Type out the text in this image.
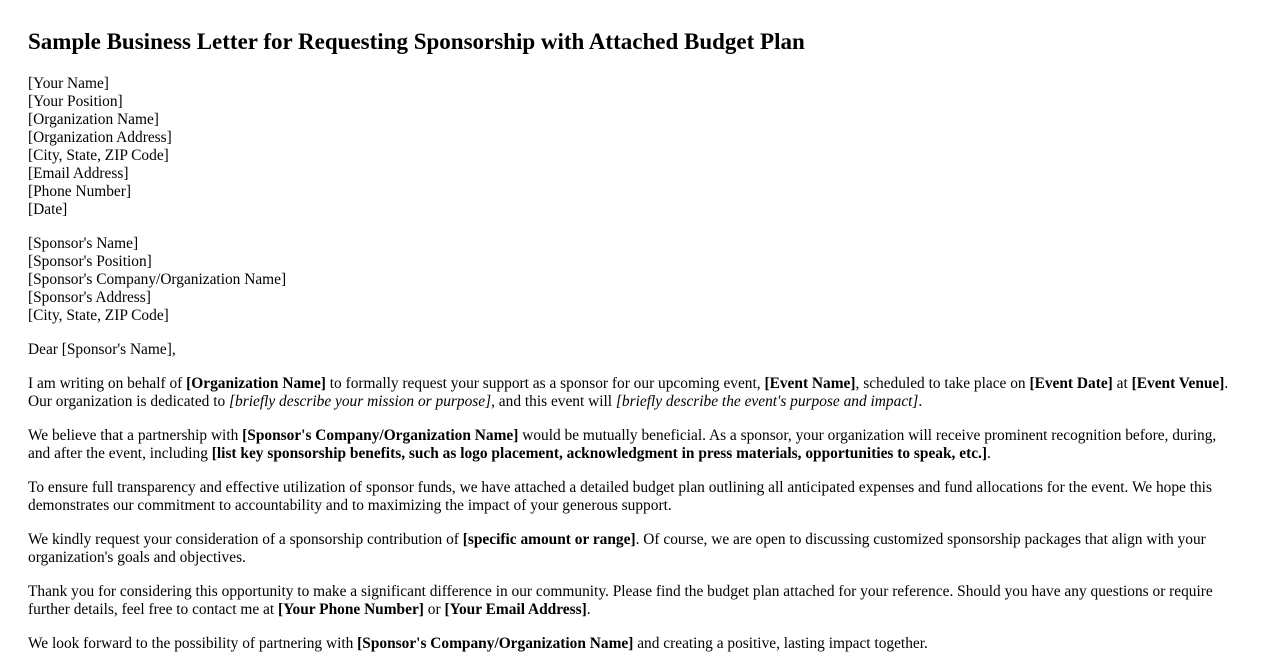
Sample Business Letter for Requesting Sponsorship with Attached Budget Plan
[Your Name]
[Your Position]
[Organization Name]
[Organization Address]
[City, State, ZIP Code]
[Email Address]
[Phone Number]
[Date]
[Sponsor's Name]
[Sponsor's Position]
[Sponsor's Company/Organization Name]
[Sponsor's Address]
[City, State, ZIP Code]

Dear [Sponsor's Name],

I am writing on behalf of [Organization Name] to formally request your support as a sponsor for our upcoming event, [Event Name], scheduled to take place on [Event Date] at [Event Venue]. Our organization is dedicated to [briefly describe your mission or purpose], and this event will [briefly describe the event's purpose and impact].

We believe that a partnership with [Sponsor's Company/Organization Name] would be mutually beneficial. As a sponsor, your organization will receive prominent recognition before, during, and after the event, including [list key sponsorship benefits, such as logo placement, acknowledgment in press materials, opportunities to speak, etc.].

To ensure full transparency and effective utilization of sponsor funds, we have attached a detailed budget plan outlining all anticipated expenses and fund allocations for the event. We hope this demonstrates our commitment to accountability and to maximizing the impact of your generous support.

We kindly request your consideration of a sponsorship contribution of [specific amount or range]. Of course, we are open to discussing customized sponsorship packages that align with your organization's goals and objectives.

Thank you for considering this opportunity to make a significant difference in our community. Please find the budget plan attached for your reference. Should you have any questions or require further details, feel free to contact me at [Your Phone Number] or [Your Email Address].

We look forward to the possibility of partnering with [Sponsor's Company/Organization Name] and creating a positive, lasting impact together.
